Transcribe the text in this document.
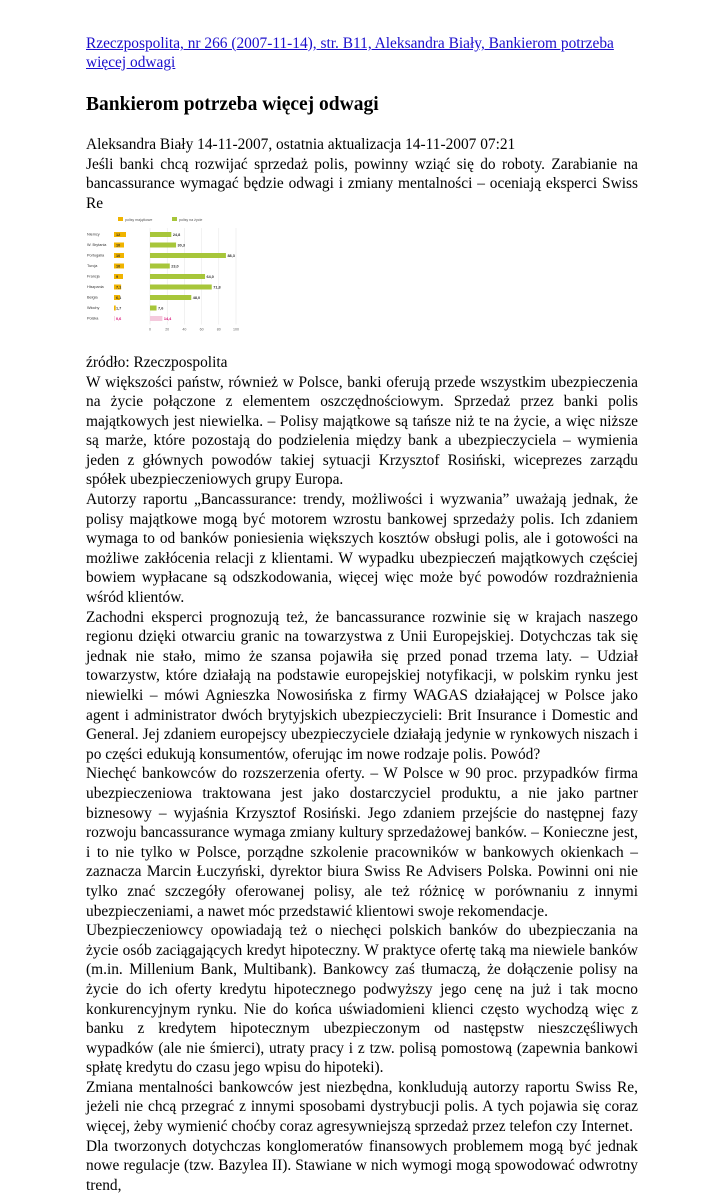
Rzeczpospolita, nr 266 (2007-11-14), str. B11, Aleksandra Biały, Bankierom potrzeba więcej odwagi
Bankierom potrzeba więcej odwagi
Aleksandra Biały 14-11-2007, ostatnia aktualizacja 14-11-2007 07:21

Jeśli banki chcą rozwijać sprzedaż polis, powinny wziąć się do roboty. Zarabianie na bancassurance wymagać będzie odwagi i zmiany mentalności – oceniają eksperci Swiss Re

polisy majątkowe	polisy na życie
0	20	40	60	80	100
Niemcy	12	24,8
W. Brytania	10	30,3
Portugalia	10	88,3
Turcja	10	23,0
Francja	9	64,0
Hiszpania	7,1	71,8
Belgia	6,1	48,0
Włochy	1,7	7,6
Polska	0,6	14,4

źródło: Rzeczpospolita

W większości państw, również w Polsce, banki oferują przede wszystkim ubezpieczenia na życie połączone z elementem oszczędnościowym. Sprzedaż przez banki polis majątkowych jest niewielka. – Polisy majątkowe są tańsze niż te na życie, a więc niższe są marże, które pozostają do podzielenia między bank a ubezpieczyciela – wymienia jeden z głównych powodów takiej sytuacji Krzysztof Rosiński, wiceprezes zarządu spółek ubezpieczeniowych grupy Europa.

Autorzy raportu „Bancassurance: trendy, możliwości i wyzwania” uważają jednak, że polisy majątkowe mogą być motorem wzrostu bankowej sprzedaży polis. Ich zdaniem wymaga to od banków poniesienia większych kosztów obsługi polis, ale i gotowości na możliwe zakłócenia relacji z klientami. W wypadku ubezpieczeń majątkowych częściej bowiem wypłacane są odszkodowania, więcej więc może być powodów rozdrażnienia wśród klientów.

Zachodni eksperci prognozują też, że bancassurance rozwinie się w krajach naszego regionu dzięki otwarciu granic na towarzystwa z Unii Europejskiej. Dotychczas tak się jednak nie stało, mimo że szansa pojawiła się przed ponad trzema laty. – Udział towarzystw, które działają na podstawie europejskiej notyfikacji, w polskim rynku jest niewielki – mówi Agnieszka Nowosińska z firmy WAGAS działającej w Polsce jako agent i administrator dwóch brytyjskich ubezpieczycieli: Brit Insurance i Domestic and General. Jej zdaniem europejscy ubezpieczyciele działają jedynie w rynkowych niszach i po części edukują konsumentów, oferując im nowe rodzaje polis. Powód?

Niechęć bankowców do rozszerzenia oferty. – W Polsce w 90 proc. przypadków firma ubezpieczeniowa traktowana jest jako dostarczyciel produktu, a nie jako partner biznesowy – wyjaśnia Krzysztof Rosiński. Jego zdaniem przejście do następnej fazy rozwoju bancassurance wymaga zmiany kultury sprzedażowej banków. – Konieczne jest, i to nie tylko w Polsce, porządne szkolenie pracowników w bankowych okienkach – zaznacza Marcin Łuczyński, dyrektor biura Swiss Re Advisers Polska. Powinni oni nie tylko znać szczegóły oferowanej polisy, ale też różnicę w porównaniu z innymi ubezpieczeniami, a nawet móc przedstawić klientowi swoje rekomendacje.

Ubezpieczeniowcy opowiadają też o niechęci polskich banków do ubezpieczania na życie osób zaciągających kredyt hipoteczny. W praktyce ofertę taką ma niewiele banków (m.in. Millenium Bank, Multibank). Bankowcy zaś tłumaczą, że dołączenie polisy na życie do ich oferty kredytu hipotecznego podwyższy jego cenę na już i tak mocno konkurencyjnym rynku. Nie do końca uświadomieni klienci często wychodzą więc z banku z kredytem hipotecznym ubezpieczonym od następstw nieszczęśliwych wypadków (ale nie śmierci), utraty pracy i z tzw. polisą pomostową (zapewnia bankowi spłatę kredytu do czasu jego wpisu do hipoteki).

Zmiana mentalności bankowców jest niezbędna, konkludują autorzy raportu Swiss Re, jeżeli nie chcą przegrać z innymi sposobami dystrybucji polis. A tych pojawia się coraz więcej, żeby wymienić choćby coraz agresywniejszą sprzedaż przez telefon czy Internet.

Dla tworzonych dotychczas konglomeratów finansowych problemem mogą być jednak nowe regulacje (tzw. Bazylea II). Stawiane w nich wymogi mogą spowodować odwrotny trend,
